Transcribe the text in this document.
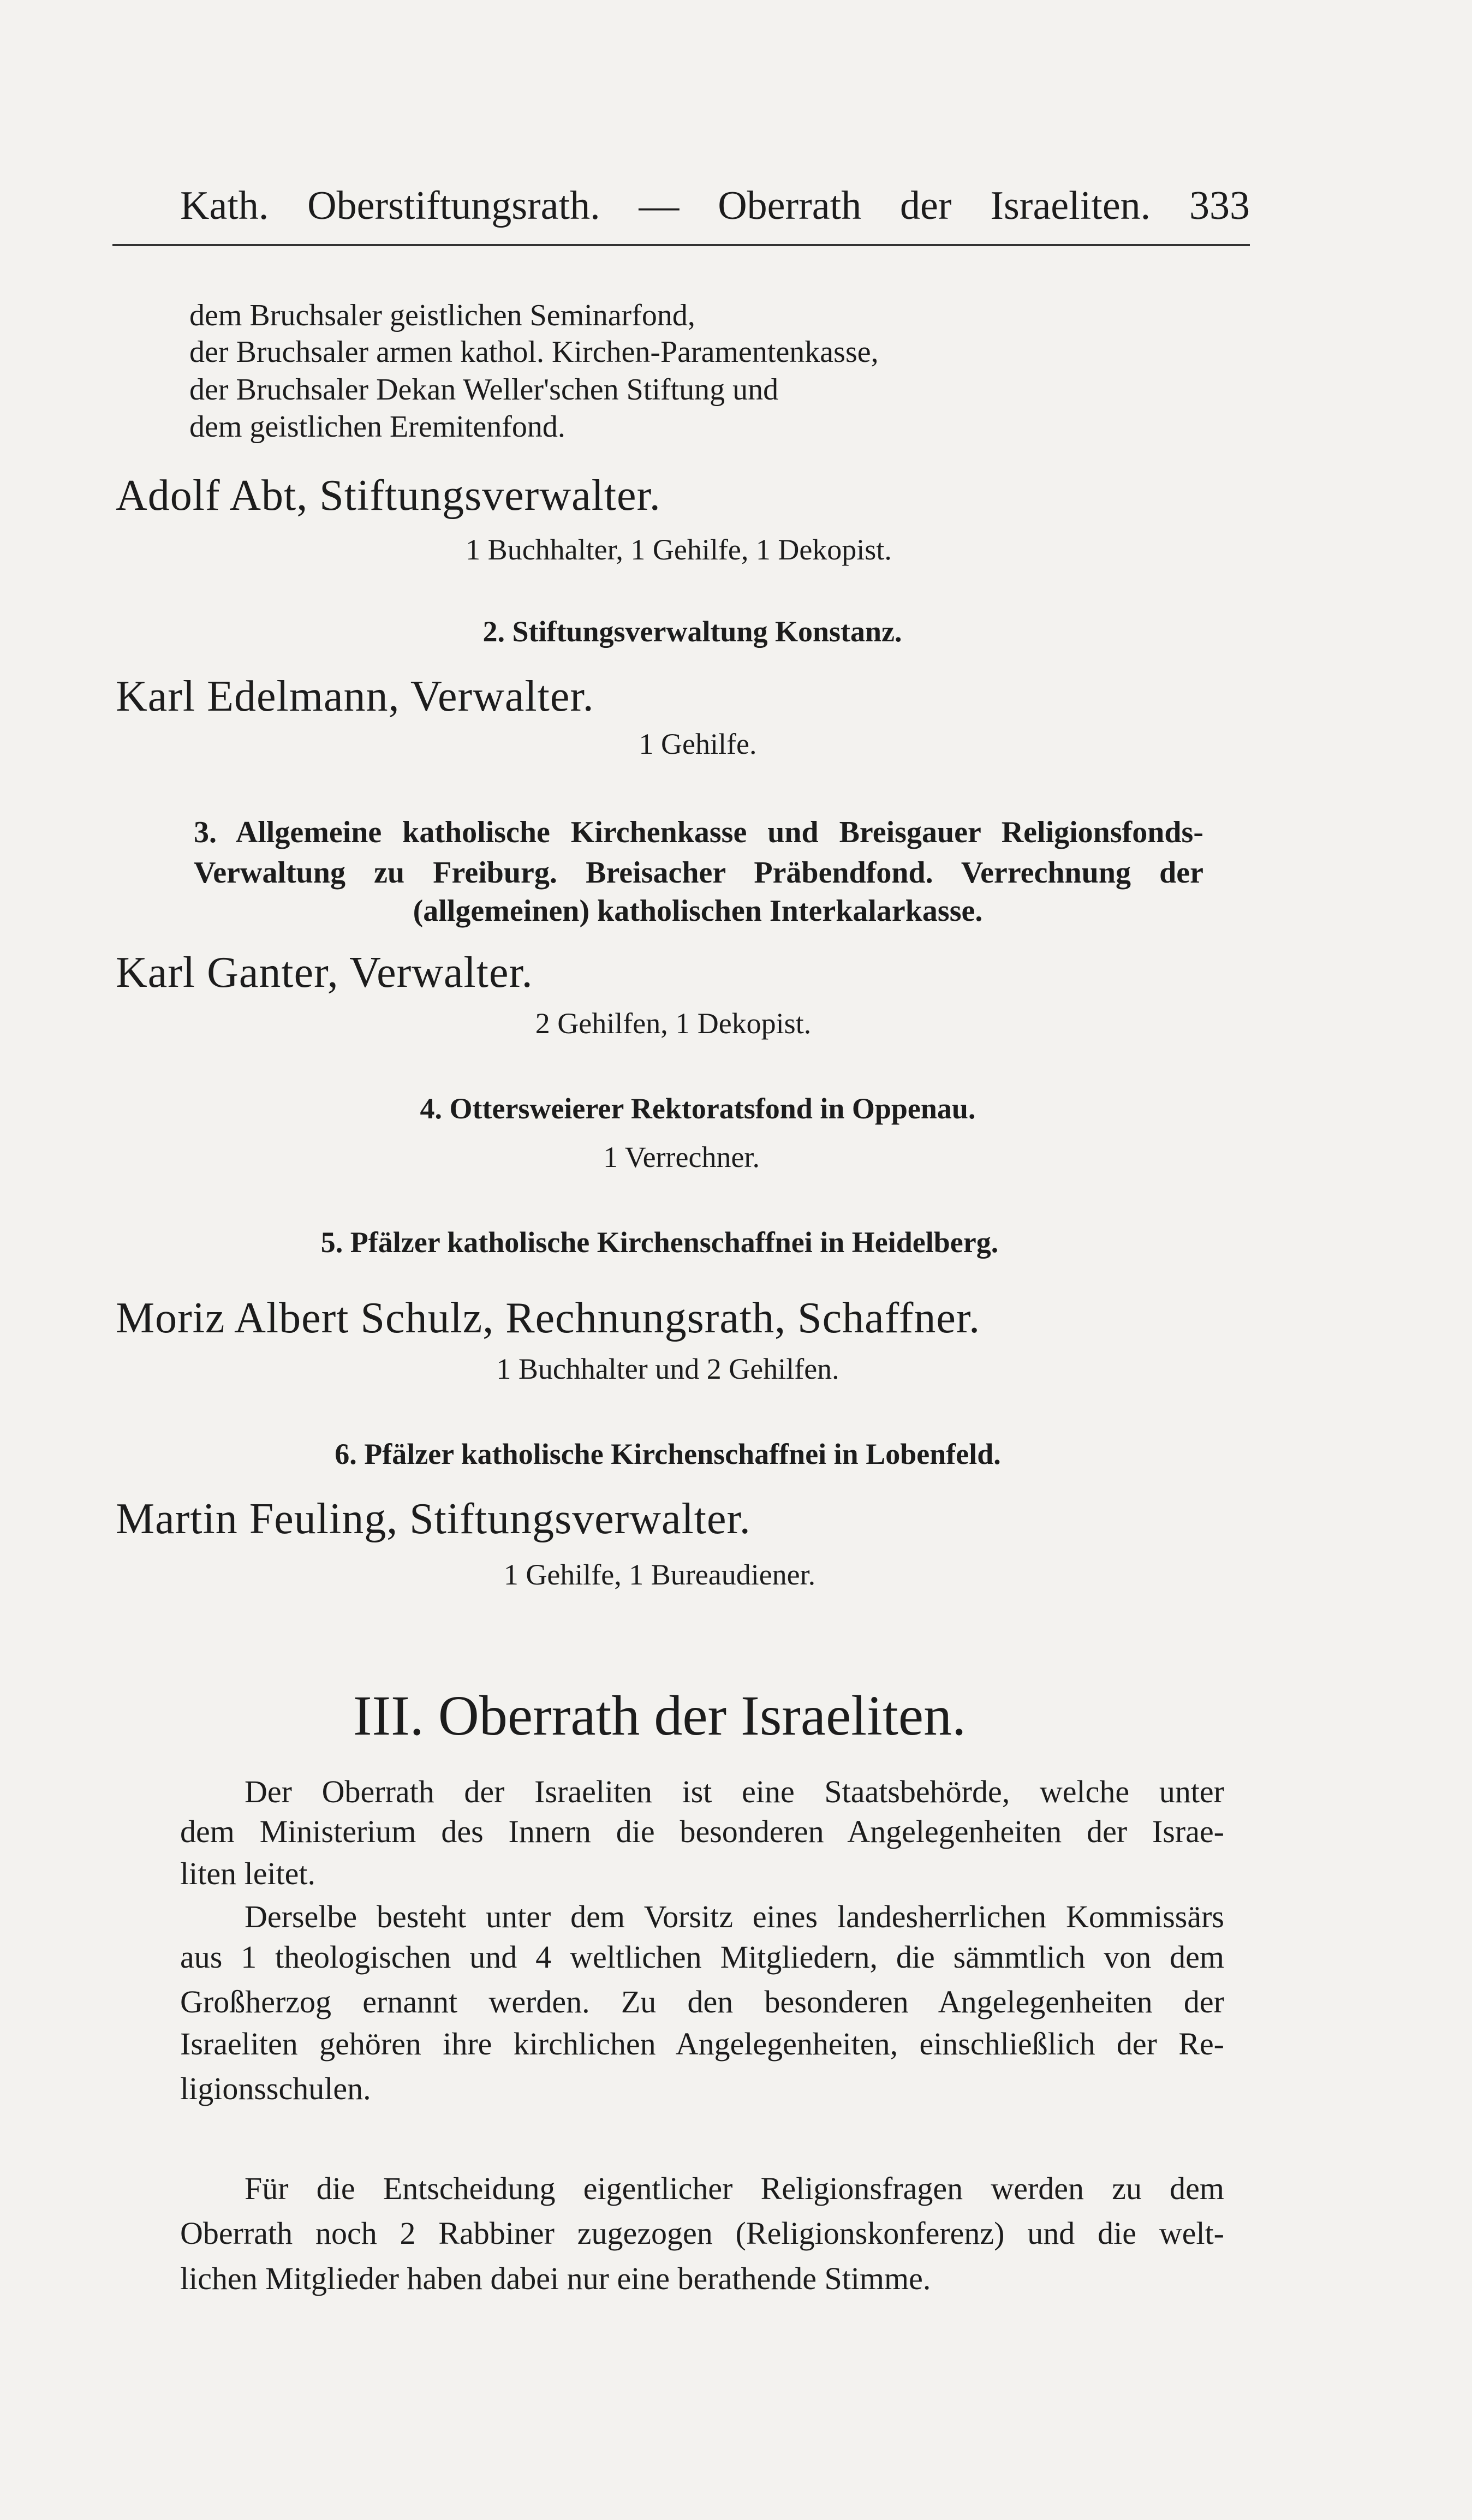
Kath. Oberstiftungsrath. — Oberrath der Israeliten. 333
dem Bruchsaler geistlichen Seminarfond,
der Bruchsaler armen kathol. Kirchen-Paramentenkasse,
der Bruchsaler Dekan Weller'schen Stiftung und
dem geistlichen Eremitenfond.
Adolf Abt, Stiftungsverwalter.
1 Buchhalter, 1 Gehilfe, 1 Dekopist.
2. Stiftungsverwaltung Konstanz.
Karl Edelmann, Verwalter.
1 Gehilfe.
3. Allgemeine katholische Kirchenkasse und Breisgauer Religionsfonds-
Verwaltung zu Freiburg. Breisacher Präbendfond. Verrechnung der
(allgemeinen) katholischen Interkalarkasse.
Karl Ganter, Verwalter.
2 Gehilfen, 1 Dekopist.
4. Ottersweierer Rektoratsfond in Oppenau.
1 Verrechner.
5. Pfälzer katholische Kirchenschaffnei in Heidelberg.
Moriz Albert Schulz, Rechnungsrath, Schaffner.
1 Buchhalter und 2 Gehilfen.
6. Pfälzer katholische Kirchenschaffnei in Lobenfeld.
Martin Feuling, Stiftungsverwalter.
1 Gehilfe, 1 Bureaudiener.
III. Oberrath der Israeliten.
Der Oberrath der Israeliten ist eine Staatsbehörde, welche unter
dem Ministerium des Innern die besonderen Angelegenheiten der Israe-
liten leitet.
Derselbe besteht unter dem Vorsitz eines landesherrlichen Kommissärs
aus 1 theologischen und 4 weltlichen Mitgliedern, die sämmtlich von dem
Großherzog ernannt werden. Zu den besonderen Angelegenheiten der
Israeliten gehören ihre kirchlichen Angelegenheiten, einschließlich der Re-
ligionsschulen.
Für die Entscheidung eigentlicher Religionsfragen werden zu dem
Oberrath noch 2 Rabbiner zugezogen (Religionskonferenz) und die welt-
lichen Mitglieder haben dabei nur eine berathende Stimme.
